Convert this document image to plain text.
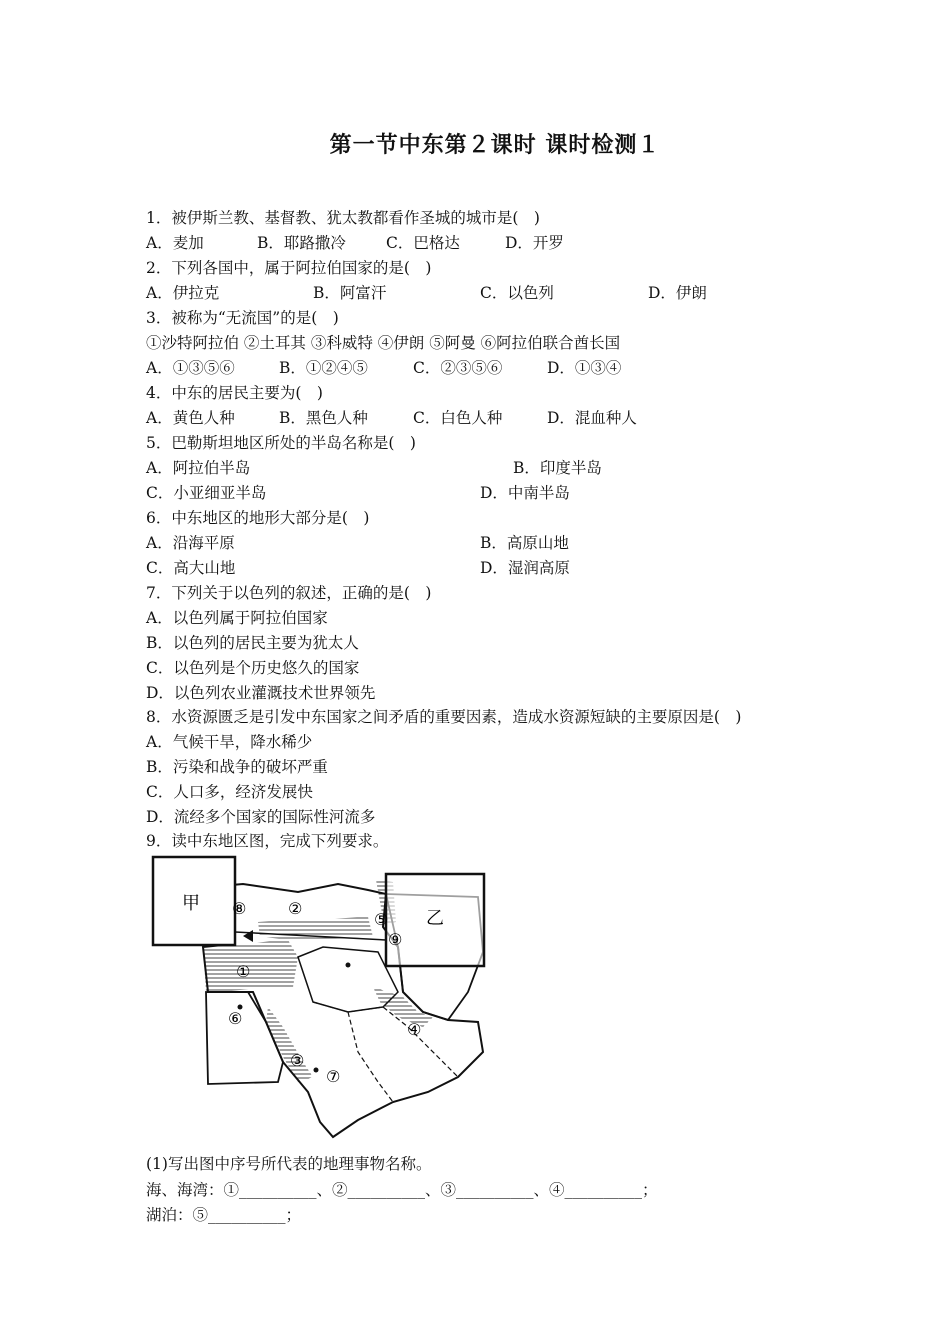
第一节中东第２课时 课时检测１
1．被伊斯兰教、基督教、犹太教都看作圣城的城市是(　)
A．麦加	B．耶路撒冷	C．巴格达	D．开罗
2．下列各国中，属于阿拉伯国家的是(　)
A．伊拉克	B．阿富汗	C．以色列	D．伊朗
3．被称为“无流国”的是(　)
①沙特阿拉伯 ②土耳其 ③科威特 ④伊朗 ⑤阿曼 ⑥阿拉伯联合酋长国
A．①③⑤⑥	B．①②④⑤	C．②③⑤⑥	D．①③④
4．中东的居民主要为(　)
A．黄色人种	B．黑色人种	C．白色人种	D．混血种人
5．巴勒斯坦地区所处的半岛名称是(　)
A．阿拉伯半岛	B．印度半岛
C．小亚细亚半岛	D．中南半岛
6．中东地区的地形大部分是(　)
A．沿海平原	B．高原山地
C．高大山地	D．湿润高原
7．下列关于以色列的叙述，正确的是(　)
A．以色列属于阿拉伯国家
B．以色列的居民主要为犹太人
C．以色列是个历史悠久的国家
D．以色列农业灌溉技术世界领先
8．水资源匮乏是引发中东国家之间矛盾的重要因素，造成水资源短缺的主要原因是(　)
A．气候干旱，降水稀少
B．污染和战争的破坏严重
C．人口多，经济发展快
D．流经多个国家的国际性河流多
9．读中东地区图，完成下列要求。
甲
乙
①
②
③
④
⑤
⑥
⑦
⑧
⑨
(1)写出图中序号所代表的地理事物名称。
海、海湾：①__________、②__________、③__________、④__________；
湖泊：⑤__________；
